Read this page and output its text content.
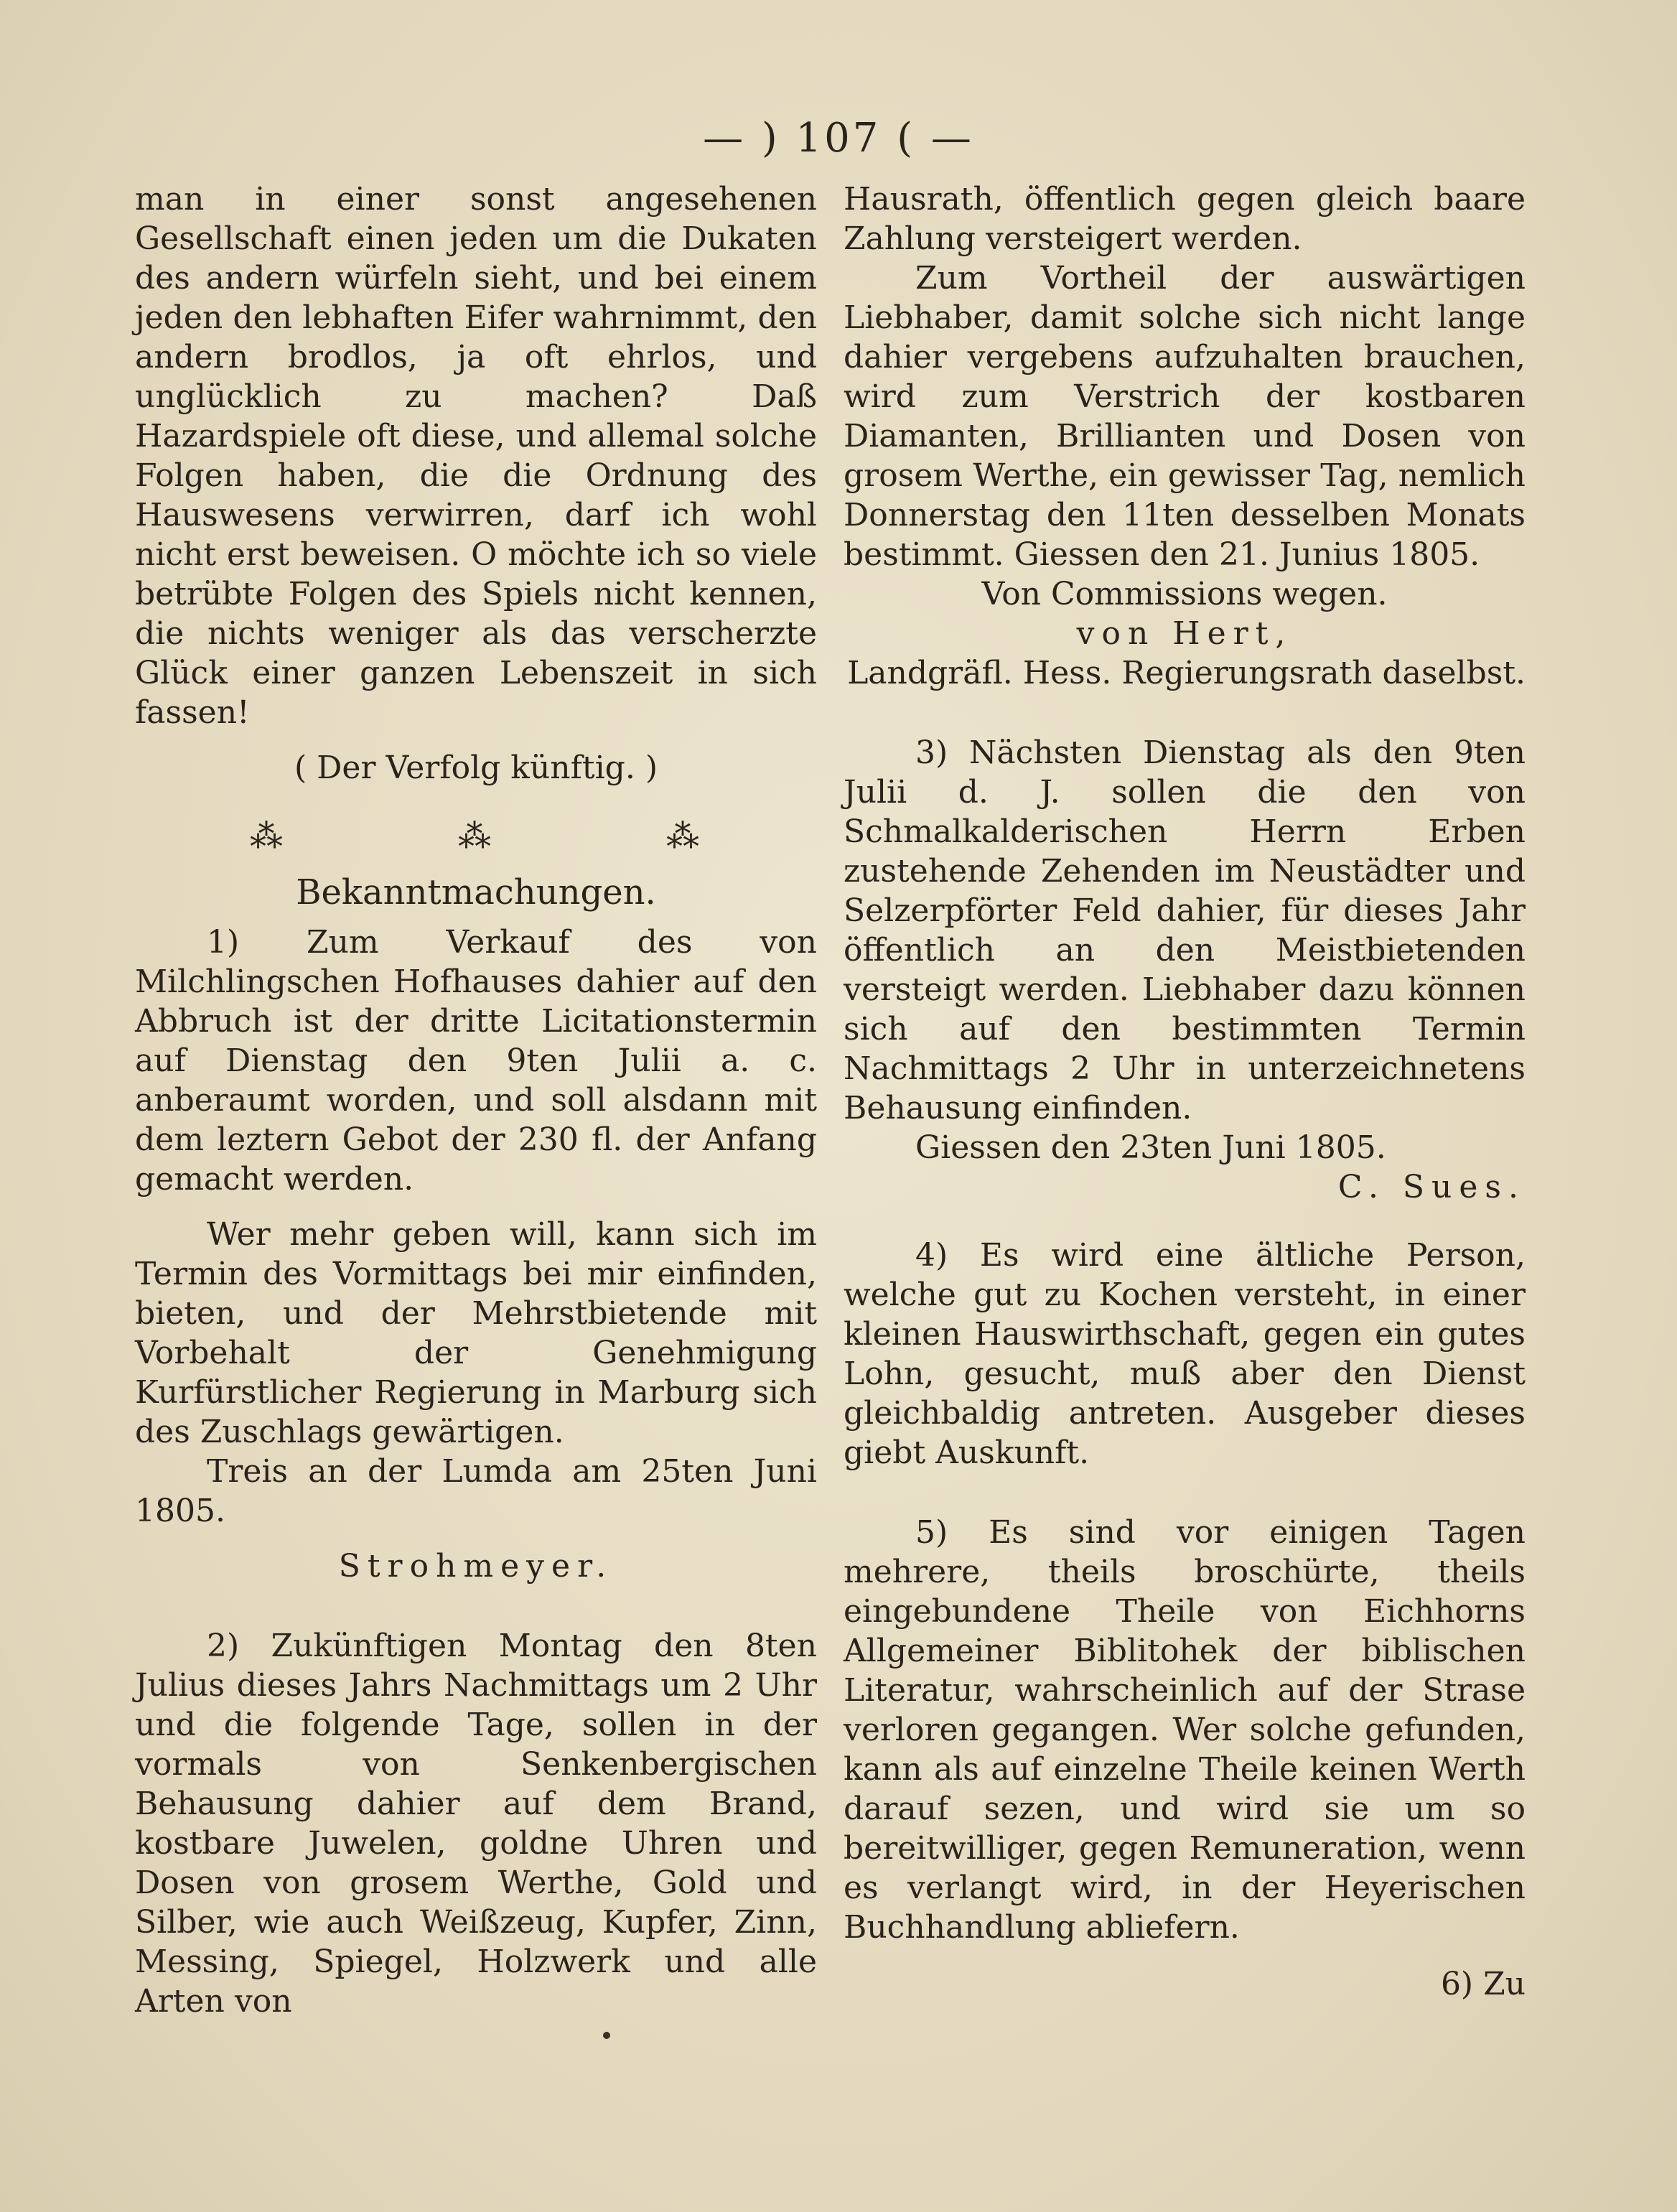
— ) 107 ( —

man in einer sonst angesehenen Gesellschaft einen jeden um die Dukaten des andern würfeln sieht, und bei einem jeden den lebhaften Eifer wahrnimmt, den andern brodlos, ja oft ehrlos, und unglücklich zu machen? Daß Hazardspiele oft diese, und allemal solche Folgen haben, die die Ordnung des Hauswesens verwirren, darf ich wohl nicht erst beweisen. O möchte ich so viele betrübte Folgen des Spiels nicht kennen, die nichts weniger als das verscherzte Glück einer ganzen Lebenszeit in sich fassen!

( Der Verfolg künftig. )

⁂	⁂	⁂
Bekanntmachungen.

1) Zum Verkauf des von Milchlingschen Hofhauses dahier auf den Abbruch ist der dritte Licitationstermin auf Dienstag den 9ten Julii a. c. anberaumt worden, und soll alsdann mit dem leztern Gebot der 230 fl. der Anfang gemacht werden.

Wer mehr geben will, kann sich im Termin des Vormittags bei mir einfinden, bieten, und der Mehrstbietende mit Vorbehalt der Genehmigung Kurfürstlicher Regierung in Marburg sich des Zuschlags gewärtigen.

Treis an der Lumda am 25ten Juni 1805.

Strohmeyer.

2) Zukünftigen Montag den 8ten Julius dieses Jahrs Nachmittags um 2 Uhr und die folgende Tage, sollen in der vormals von Senkenbergischen Behausung dahier auf dem Brand, kostbare Juwelen, goldne Uhren und Dosen von grosem Werthe, Gold und Silber, wie auch Weißzeug, Kupfer, Zinn, Messing, Spiegel, Holzwerk und alle Arten von

Hausrath, öffentlich gegen gleich baare Zahlung versteigert werden.

Zum Vortheil der auswärtigen Liebhaber, damit solche sich nicht lange dahier vergebens aufzuhalten brauchen, wird zum Verstrich der kostbaren Diamanten, Brillianten und Dosen von grosem Werthe, ein gewisser Tag, nemlich Donnerstag den 11ten desselben Monats bestimmt. Giessen den 21. Junius 1805.

Von Commissions wegen.

von Hert,

Landgräfl. Hess. Regierungsrath daselbst.

3) Nächsten Dienstag als den 9ten Julii d. J. sollen die den von Schmalkalderischen Herrn Erben zustehende Zehenden im Neustädter und Selzerpförter Feld dahier, für dieses Jahr öffentlich an den Meistbietenden versteigt werden. Liebhaber dazu können sich auf den bestimmten Termin Nachmittags 2 Uhr in unterzeichnetens Behausung einfinden.

Giessen den 23ten Juni 1805.

C. Sues.

4) Es wird eine ältliche Person, welche gut zu Kochen versteht, in einer kleinen Hauswirthschaft, gegen ein gutes Lohn, gesucht, muß aber den Dienst gleichbaldig antreten. Ausgeber dieses giebt Auskunft.

5) Es sind vor einigen Tagen mehrere, theils broschürte, theils eingebundene Theile von Eichhorns Allgemeiner Biblitohek der biblischen Literatur, wahrscheinlich auf der Strase verloren gegangen. Wer solche gefunden, kann als auf einzelne Theile keinen Werth darauf sezen, und wird sie um so bereitwilliger, gegen Remuneration, wenn es verlangt wird, in der Heyerischen Buchhandlung abliefern.

6) Zu
